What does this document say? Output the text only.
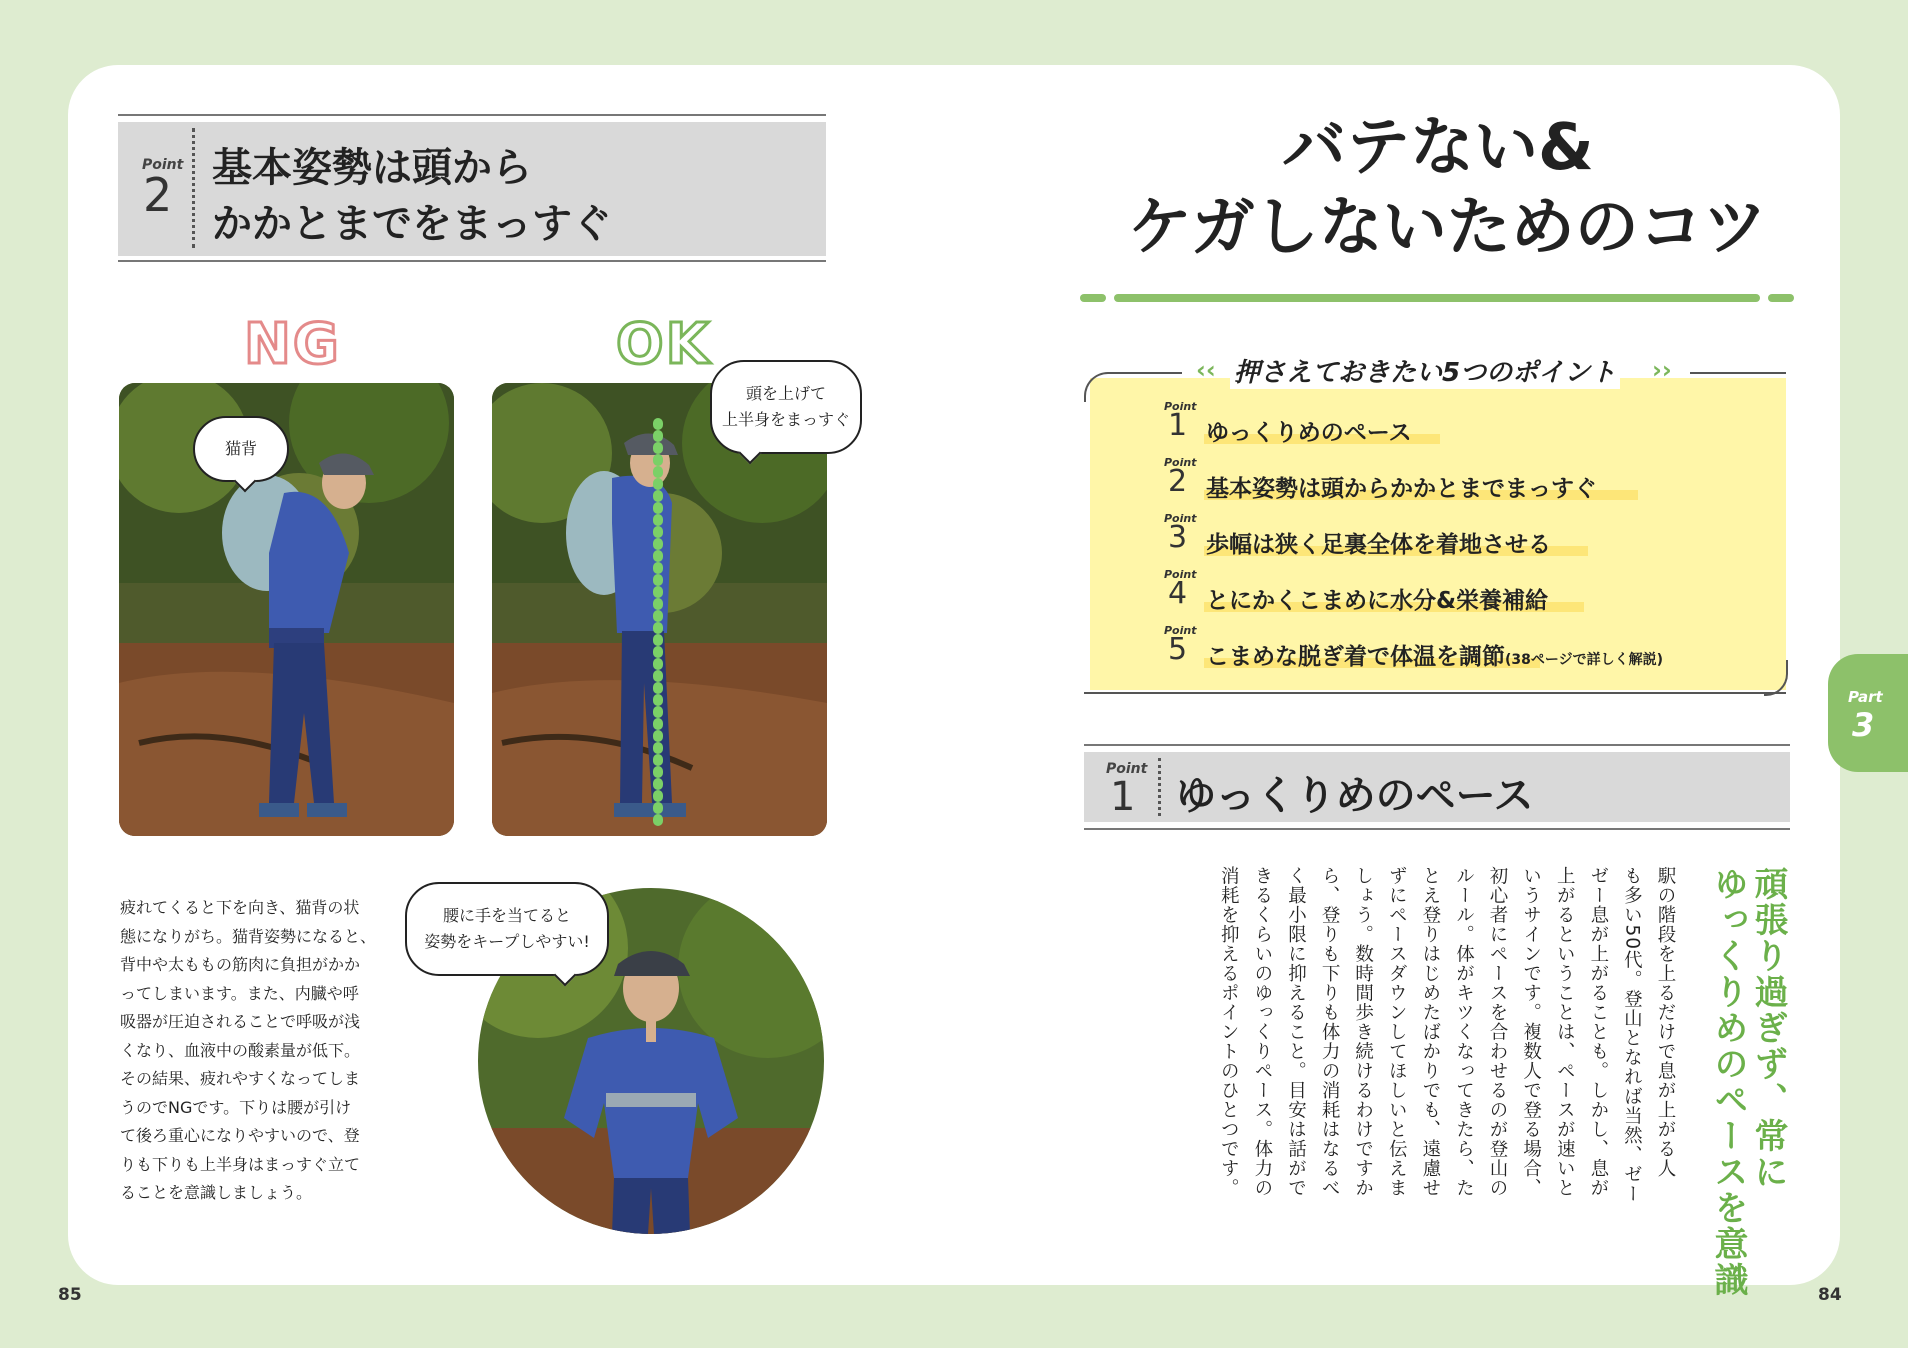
Point
2 基本姿勢は頭から
かかとまでをまっすぐ
NG	OK
猫背
頭を上げて
上半身をまっすぐ
疲れてくると下を向き、猫背の状
態になりがち。猫背姿勢になると、
背中や太ももの筋肉に負担がかか
ってしまいます。また、内臓や呼
吸器が圧迫されることで呼吸が浅
くなり、血液中の酸素量が低下。
その結果、疲れやすくなってしま
うのでNGです。下りは腰が引け
て後ろ重心になりやすいので、登
りも下りも上半身はまっすぐ立て
ることを意識しましょう。
腰に手を当てると
姿勢をキープしやすい!
85
バテない&
ケガしないためのコツ
‹‹ 押さえておきたい5つのポイント ››
Point
1 ゆっくりめのペース
Point
2 基本姿勢は頭からかかとまでまっすぐ
Point
3 歩幅は狭く足裏全体を着地させる
Point
4 とにかくこまめに水分&栄養補給
Point
5 こまめな脱ぎ着で体温を調節(38ページで詳しく解説)
Point
1 ゆっくりめのペース
頑張り過ぎず、常に
ゆっくりめのペースを意識
駅の階段を上るだけで息が上がる人
も多い50代。登山となれば当然、ゼー
ゼー息が上がることも。しかし、息が
上がるということは、ペースが速いと
いうサインです。複数人で登る場合、
初心者にペースを合わせるのが登山の
ルール。体がキツくなってきたら、た
とえ登りはじめたばかりでも、遠慮せ
ずにペースダウンしてほしいと伝えま
しょう。数時間歩き続けるわけですか
ら、登りも下りも体力の消耗はなるべ
く最小限に抑えること。目安は話がで
きるくらいのゆっくりペース。体力の
消耗を抑えるポイントのひとつです。
Part
3
84
